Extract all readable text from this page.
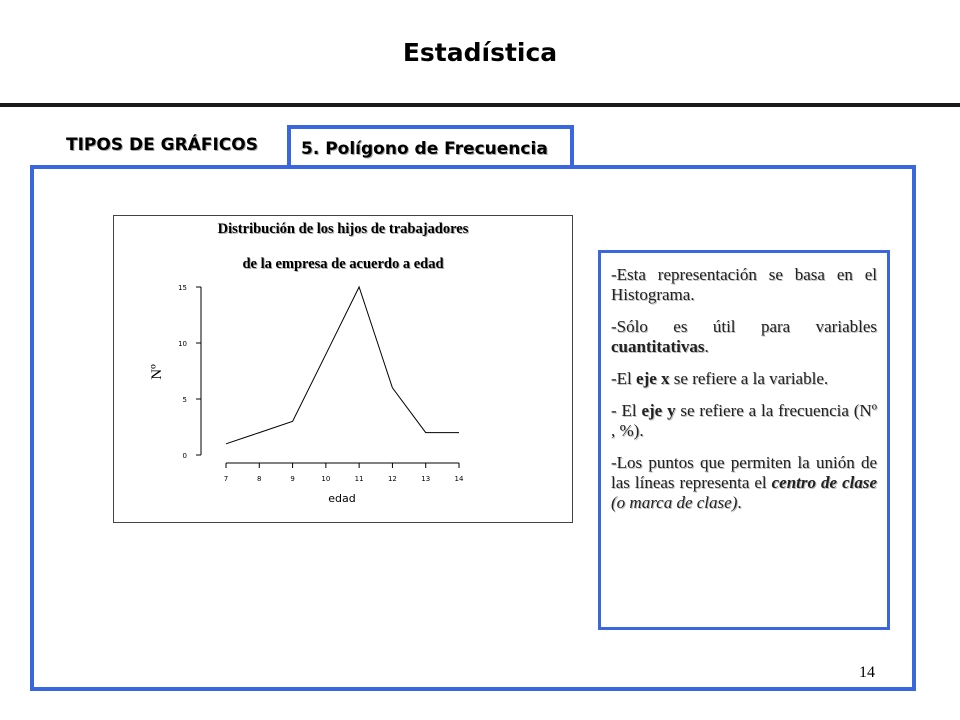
Estadística
TIPOS DE GRÁFICOS	5. Polígono de Frecuencia
Distribución de los hijos de trabajadores
de la empresa de acuerdo a edad
0
5
10
15
7	8	9	10	11	12	13	14
Nº
edad

-Esta representación se basa en el Histograma.

-Sólo es útil para variables cuantitativas.

-El eje x se refiere a la variable.

- El eje y se refiere a la frecuencia (Nº , %).

-Los puntos que permiten la unión de las líneas representa el centro de clase (o marca de clase).

14
